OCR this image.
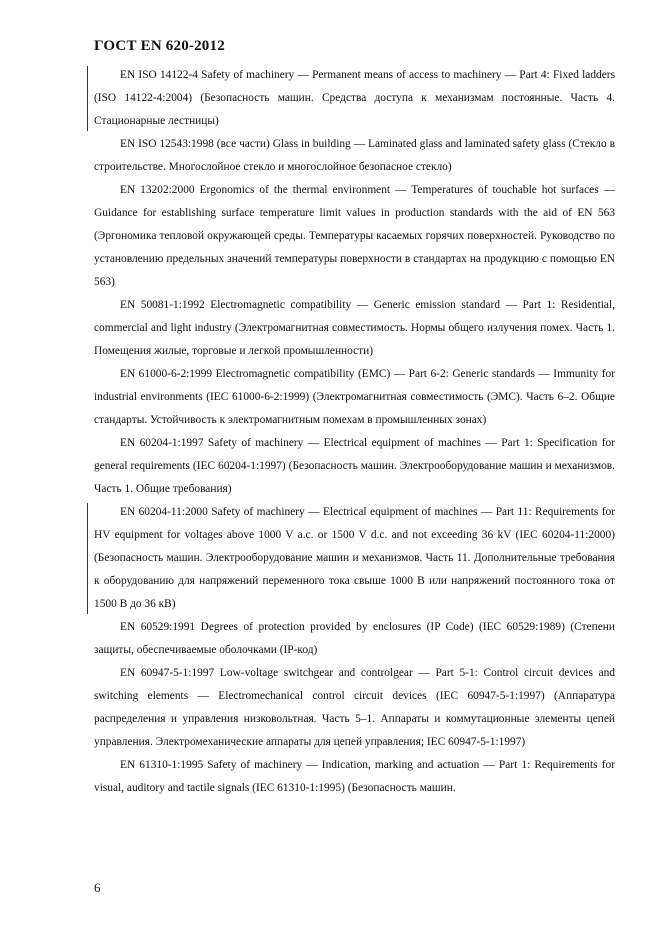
ГОСТ EN 620-2012

EN ISO 14122-4 Safety of machinery — Permanent means of access to machinery — Part 4: Fixed ladders (ISO 14122-4:2004) (Безопасность машин. Средства доступа к механизмам постоянные. Часть 4. Стационарные лестницы)

EN ISO 12543:1998 (все части) Glass in building — Laminated glass and laminated safety glass (Стекло в строительстве. Многослойное стекло и многослойное безопасное стекло)

EN 13202:2000 Ergonomics of the thermal environment — Temperatures of touchable hot surfaces — Guidance for establishing surface temperature limit values in production standards with the aid of EN 563 (Эргономика тепловой окружающей среды. Температуры касаемых горячих поверхностей. Руководство по установлению предельных значений температуры поверхности в стандартах на продукцию с помощью EN 563)

EN 50081-1:1992 Electromagnetic compatibility — Generic emission standard — Part 1: Residential, commercial and light industry (Электромагнитная совместимость. Нормы общего излучения помех. Часть 1. Помещения жилые, торговые и легкой промышленности)

EN 61000-6-2:1999 Electromagnetic compatibility (EMC) — Part 6-2: Generic standards — Immunity for industrial environments (IEC 61000-6-2:1999) (Электромагнитная совместимость (ЭМС). Часть 6–2. Общие стандарты. Устойчивость к электромагнитным помехам в промышленных зонах)

EN 60204-1:1997 Safety of machinery — Electrical equipment of machines — Part 1: Specification for general requirements (IEC 60204-1:1997) (Безопасность машин. Электрооборудование машин и механизмов. Часть 1. Общие требования)

EN 60204-11:2000 Safety of machinery — Electrical equipment of machines — Part 11: Requirements for HV equipment for voltages above 1000 V a.c. or 1500 V d.c. and not exceeding 36 kV (IEC 60204-11:2000) (Безопасность машин. Электрооборудование машин и механизмов. Часть 11. Дополнительные требования к оборудованию для напряжений переменного тока свыше 1000 В или напряжений постоянного тока от 1500 В до 36 кВ)

EN 60529:1991 Degrees of protection provided by enclosures (IP Code) (IEC 60529:1989) (Степени защиты, обеспечиваемые оболочками (IP-код)

EN 60947-5-1:1997 Low-voltage switchgear and controlgear — Part 5-1: Control circuit devices and switching elements — Electromechanical control circuit devices (IEC 60947-5-1:1997) (Аппаратура распределения и управления низковольтная. Часть 5–1. Аппараты и коммутационные элементы цепей управления. Электромеханические аппараты для цепей управления; IEC 60947-5-1:1997)

EN 61310-1:1995 Safety of machinery — Indication, marking and actuation — Part 1: Requirements for visual, auditory and tactile signals (IEC 61310-1:1995) (Безопасность машин.

6
